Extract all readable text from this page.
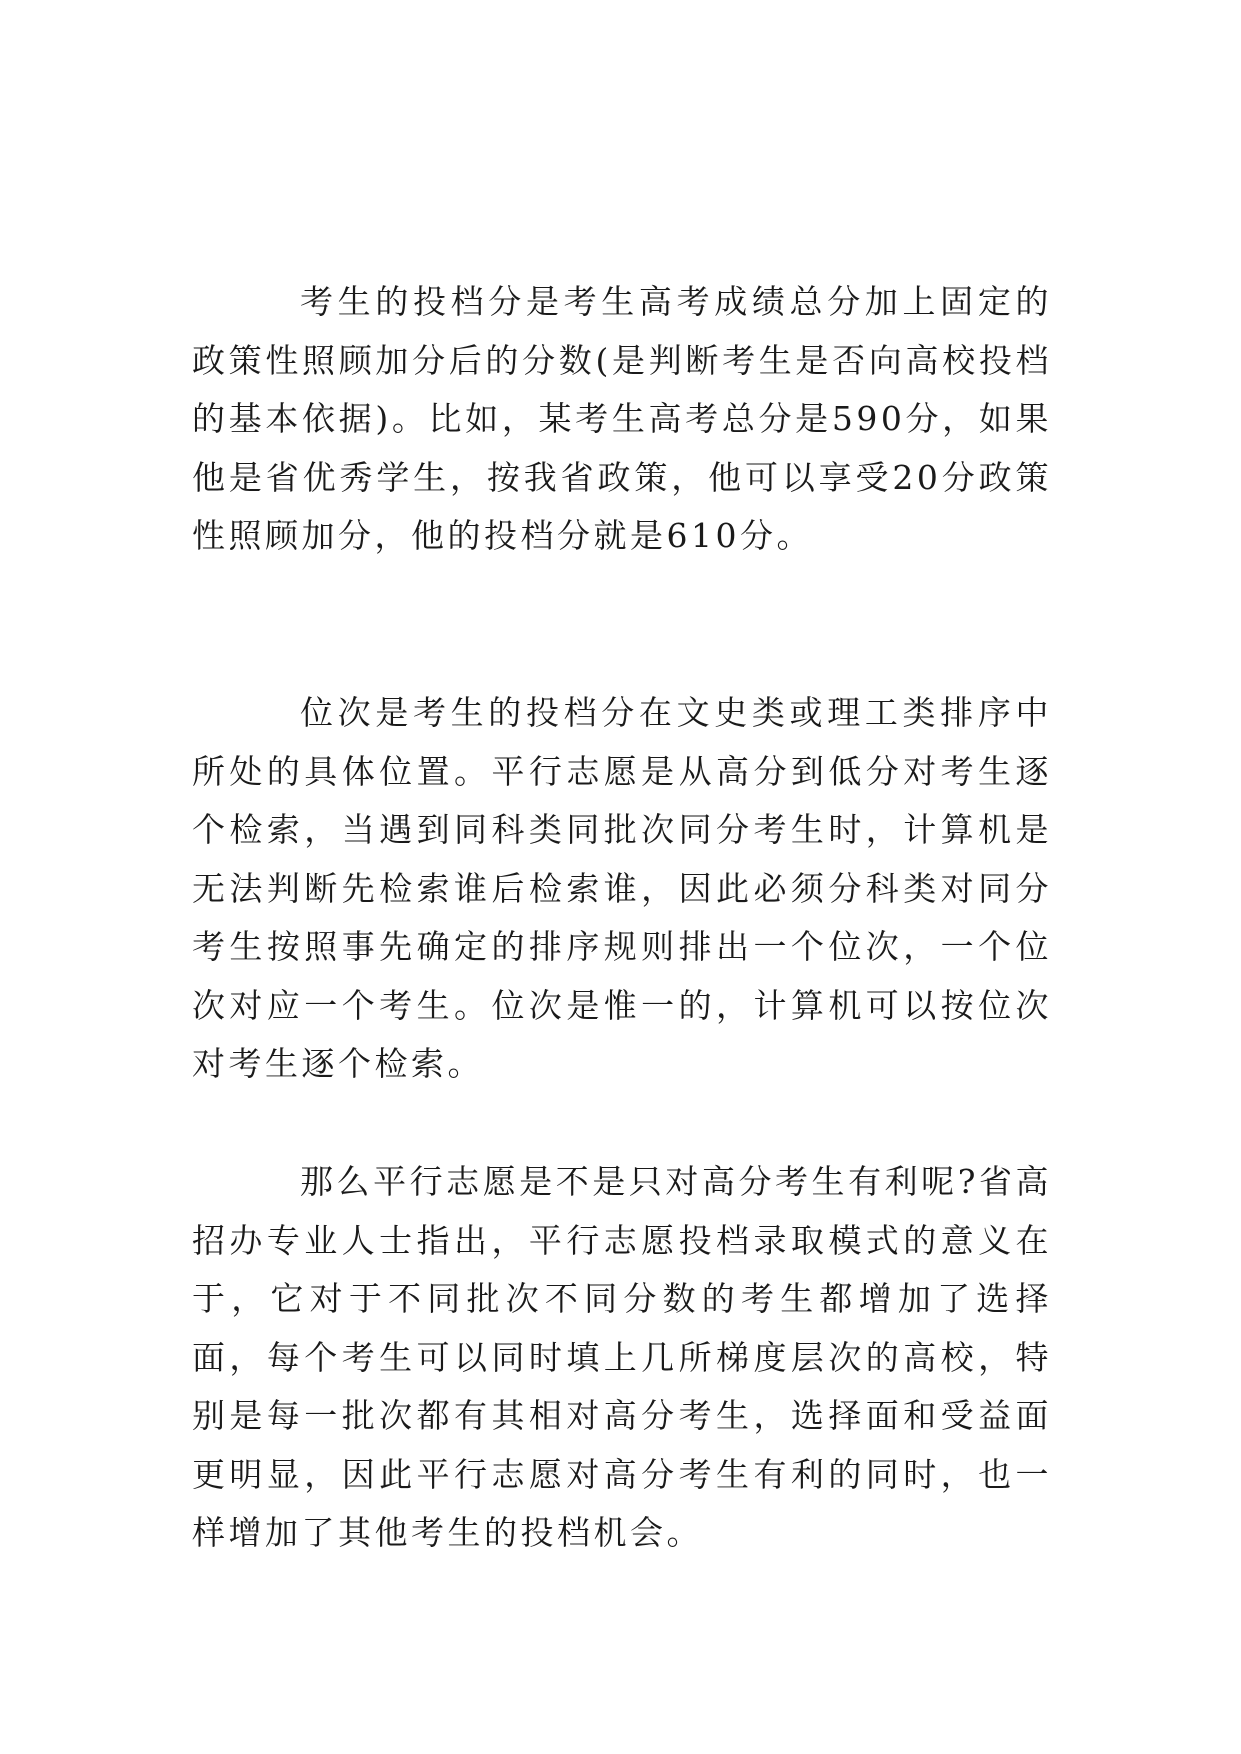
考生的投档分是考生高考成绩总分加上固定的政策性照顾加分后的分数(是判断考生是否向高校投档的基本依据)。比如，某考生高考总分是590分，如果他是省优秀学生，按我省政策，他可以享受20分政策性照顾加分，他的投档分就是610分。

位次是考生的投档分在文史类或理工类排序中所处的具体位置。平行志愿是从高分到低分对考生逐个检索，当遇到同科类同批次同分考生时，计算机是无法判断先检索谁后检索谁，因此必须分科类对同分考生按照事先确定的排序规则排出一个位次，一个位次对应一个考生。位次是惟一的，计算机可以按位次对考生逐个检索。

那么平行志愿是不是只对高分考生有利呢?省高招办专业人士指出，平行志愿投档录取模式的意义在于，它对于不同批次不同分数的考生都增加了选择面，每个考生可以同时填上几所梯度层次的高校，特别是每一批次都有其相对高分考生，选择面和受益面更明显，因此平行志愿对高分考生有利的同时，也一样增加了其他考生的投档机会。
